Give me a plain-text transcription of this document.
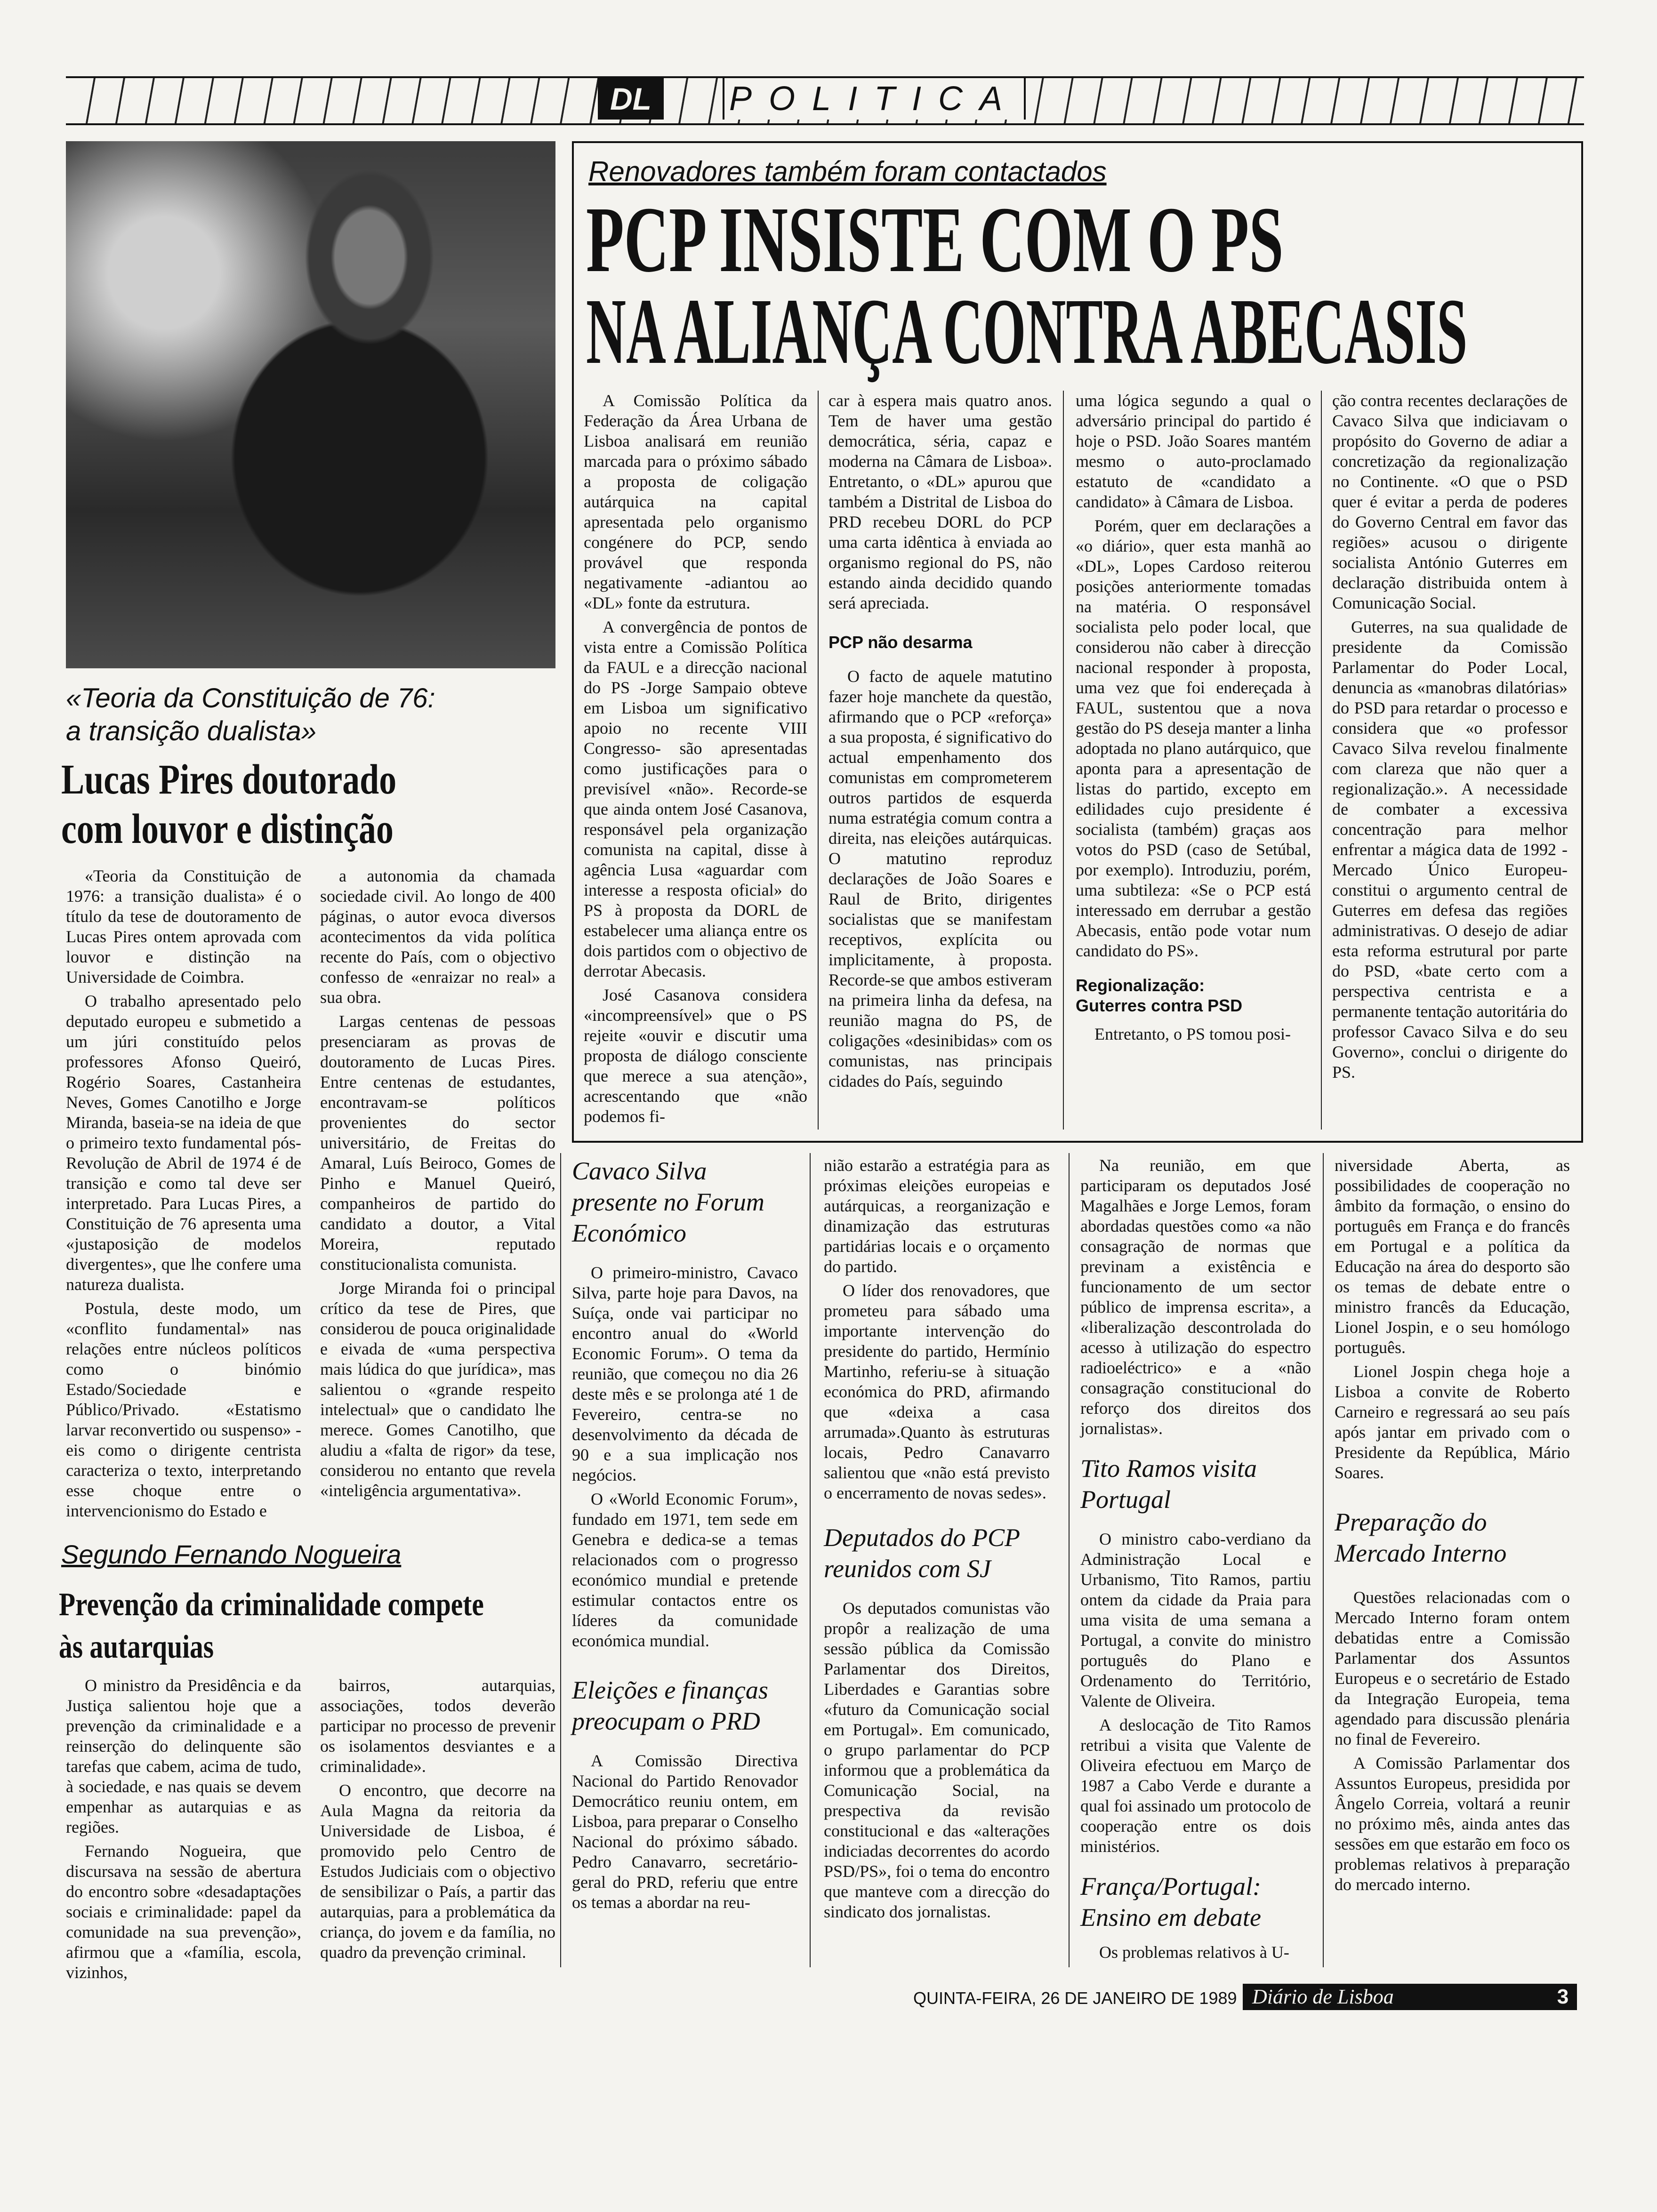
DL	POLITICA
«Teoria da Constituição de 76:
a transição dualista»
Lucas Pires doutorado
com louvor e distinção

«Teoria da Constituição de 1976: a transição dualista» é o título da tese de doutoramento de Lucas Pires ontem aprovada com louvor e distinção na Universidade de Coimbra.

O trabalho apresentado pelo deputado europeu e submetido a um júri constituído pelos professores Afonso Queiró, Rogério Soares, Castanheira Neves, Gomes Canotilho e Jorge Miranda, baseia-se na ideia de que o primeiro texto fundamental pós-Revolução de Abril de 1974 é de transição e como tal deve ser interpretado. Para Lucas Pires, a Constituição de 76 apresenta uma «justaposição de modelos divergentes», que lhe confere uma natureza dualista.

Postula, deste modo, um «conflito fundamental» nas relações entre núcleos políticos como o binómio Estado/Sociedade e Público/Privado. «Estatismo larvar reconvertido ou suspenso» -eis como o dirigente centrista caracteriza o texto, interpretando esse choque entre o intervencionismo do Estado e

a autonomia da chamada sociedade civil. Ao longo de 400 páginas, o autor evoca diversos acontecimentos da vida política recente do País, com o objectivo confesso de «enraizar no real» a sua obra.

Largas centenas de pessoas presenciaram as provas de doutoramento de Lucas Pires. Entre centenas de estudantes, encontravam-se políticos provenientes do sector universitário, de Freitas do Amaral, Luís Beiroco, Gomes de Pinho e Manuel Queiró, companheiros de partido do candidato a doutor, a Vital Moreira, reputado constitucionalista comunista.

Jorge Miranda foi o principal crítico da tese de Pires, que considerou de pouca originalidade e eivada de «uma perspectiva mais lúdica do que jurídica», mas salientou o «grande respeito intelectual» que o candidato lhe merece. Gomes Canotilho, que aludiu a «falta de rigor» da tese, considerou no entanto que revela «inteligência argumentativa».

Segundo Fernando Nogueira
Prevenção da criminalidade compete
às autarquias

O ministro da Presidência e da Justiça salientou hoje que a prevenção da criminalidade e a reinserção do delinquente são tarefas que cabem, acima de tudo, à sociedade, e nas quais se devem empenhar as autarquias e as regiões.

Fernando Nogueira, que discursava na sessão de abertura do encontro sobre «desadaptações sociais e criminalidade: papel da comunidade na sua prevenção», afirmou que a «família, escola, vizinhos,

bairros, autarquias, associações, todos deverão participar no processo de prevenir os isolamentos desviantes e a criminalidade».

O encontro, que decorre na Aula Magna da reitoria da Universidade de Lisboa, é promovido pelo Centro de Estudos Judiciais com o objectivo de sensibilizar o País, a partir das autarquias, para a problemática da criança, do jovem e da família, no quadro da prevenção criminal.

Renovadores também foram contactados
PCP INSISTE COM O PS
NA ALIANÇA CONTRA ABECASIS

A Comissão Política da Federação da Área Urbana de Lisboa analisará em reunião marcada para o próximo sábado a proposta de coligação autárquica na capital apresentada pelo organismo congénere do PCP, sendo provável que responda negativamente -adiantou ao «DL» fonte da estrutura.

A convergência de pontos de vista entre a Comissão Política da FAUL e a direcção nacional do PS -Jorge Sampaio obteve em Lisboa um significativo apoio no recente VIII Congresso- são apresentadas como justificações para o previsível «não». Recorde-se que ainda ontem José Casanova, responsável pela organização comunista na capital, disse à agência Lusa «aguardar com interesse a resposta oficial» do PS à proposta da DORL de estabelecer uma aliança entre os dois partidos com o objectivo de derrotar Abecasis.

José Casanova considera «incompreensível» que o PS rejeite «ouvir e discutir uma proposta de diálogo consciente que merece a sua atenção», acrescentando que «não podemos fi-

car à espera mais quatro anos. Tem de haver uma gestão democrática, séria, capaz e moderna na Câmara de Lisboa». Entretanto, o «DL» apurou que também a Distrital de Lisboa do PRD recebeu DORL do PCP uma carta idêntica à enviada ao organismo regional do PS, não estando ainda decidido quando será apreciada.

PCP não desarma

O facto de aquele matutino fazer hoje manchete da questão, afirmando que o PCP «reforça» a sua proposta, é significativo do actual empenhamento dos comunistas em comprometerem outros partidos de esquerda numa estratégia comum contra a direita, nas eleições autárquicas. O matutino reproduz declarações de João Soares e Raul de Brito, dirigentes socialistas que se manifestam receptivos, explícita ou implicitamente, à proposta. Recorde-se que ambos estiveram na primeira linha da defesa, na reunião magna do PS, de coligações «desinibidas» com os comunistas, nas principais cidades do País, seguindo

uma lógica segundo a qual o adversário principal do partido é hoje o PSD. João Soares mantém mesmo o auto-proclamado estatuto de «candidato a candidato» à Câmara de Lisboa.

Porém, quer em declarações a «o diário», quer esta manhã ao «DL», Lopes Cardoso reiterou posições anteriormente tomadas na matéria. O responsável socialista pelo poder local, que considerou não caber à direcção nacional responder à proposta, uma vez que foi endereçada à FAUL, sustentou que a nova gestão do PS deseja manter a linha adoptada no plano autárquico, que aponta para a apresentação de listas do partido, excepto em edilidades cujo presidente é socialista (também) graças aos votos do PSD (caso de Setúbal, por exemplo). Introduziu, porém, uma subtileza: «Se o PCP está interessado em derrubar a gestão Abecasis, então pode votar num candidato do PS».

Regionalização:
Guterres contra PSD

Entretanto, o PS tomou posi-

ção contra recentes declarações de Cavaco Silva que indiciavam o propósito do Governo de adiar a concretização da regionalização no Continente. «O que o PSD quer é evitar a perda de poderes do Governo Central em favor das regiões» acusou o dirigente socialista António Guterres em declaração distribuida ontem à Comunicação Social.

Guterres, na sua qualidade de presidente da Comissão Parlamentar do Poder Local, denuncia as «manobras dilatórias» do PSD para retardar o processo e considera que «o professor Cavaco Silva revelou finalmente com clareza que não quer a regionalização.». A necessidade de combater a excessiva concentração para melhor enfrentar a mágica data de 1992 -Mercado Único Europeu- constitui o argumento central de Guterres em defesa das regiões administrativas. O desejo de adiar esta reforma estrutural por parte do PSD, «bate certo com a perspectiva centrista e a permanente tentação autoritária do professor Cavaco Silva e do seu Governo», conclui o dirigente do PS.

Cavaco Silva presente no Forum Económico

O primeiro-ministro, Cavaco Silva, parte hoje para Davos, na Suíça, onde vai participar no encontro anual do «World Economic Forum». O tema da reunião, que começou no dia 26 deste mês e se prolonga até 1 de Fevereiro, centra-se no desenvolvimento da década de 90 e a sua implicação nos negócios.

O «World Economic Forum», fundado em 1971, tem sede em Genebra e dedica-se a temas relacionados com o progresso económico mundial e pretende estimular contactos entre os líderes da comunidade económica mundial.

Eleições e finanças preocupam o PRD

A Comissão Directiva Nacional do Partido Renovador Democrático reuniu ontem, em Lisboa, para preparar o Conselho Nacional do próximo sábado. Pedro Canavarro, secretário-geral do PRD, referiu que entre os temas a abordar na reu-

nião estarão a estratégia para as próximas eleições europeias e autárquicas, a reorganização e dinamização das estruturas partidárias locais e o orçamento do partido.

O líder dos renovadores, que prometeu para sábado uma importante intervenção do presidente do partido, Hermínio Martinho, referiu-se à situação económica do PRD, afirmando que «deixa a casa arrumada».Quanto às estruturas locais, Pedro Canavarro salientou que «não está previsto o encerramento de novas sedes».

Deputados do PCP reunidos com SJ

Os deputados comunistas vão propôr a realização de uma sessão pública da Comissão Parlamentar dos Direitos, Liberdades e Garantias sobre «futuro da Comunicação social em Portugal». Em comunicado, o grupo parlamentar do PCP informou que a problemática da Comunicação Social, na prespectiva da revisão constitucional e das «alterações indiciadas decorrentes do acordo PSD/PS», foi o tema do encontro que manteve com a direcção do sindicato dos jornalistas.

Na reunião, em que participaram os deputados José Magalhães e Jorge Lemos, foram abordadas questões como «a não consagração de normas que previnam a existência e funcionamento de um sector público de imprensa escrita», a «liberalização descontrolada do acesso à utilização do espectro radioeléctrico» e a «não consagração constitucional do reforço dos direitos dos jornalistas».

Tito Ramos visita Portugal

O ministro cabo-verdiano da Administração Local e Urbanismo, Tito Ramos, partiu ontem da cidade da Praia para uma visita de uma semana a Portugal, a convite do ministro português do Plano e Ordenamento do Território, Valente de Oliveira.

A deslocação de Tito Ramos retribui a visita que Valente de Oliveira efectuou em Março de 1987 a Cabo Verde e durante a qual foi assinado um protocolo de cooperação entre os dois ministérios.

França/Portugal: Ensino em debate

Os problemas relativos à U-

niversidade Aberta, as possibilidades de cooperação no âmbito da formação, o ensino do português em França e do francês em Portugal e a política da Educação na área do desporto são os temas de debate entre o ministro francês da Educação, Lionel Jospin, e o seu homólogo português.

Lionel Jospin chega hoje a Lisboa a convite de Roberto Carneiro e regressará ao seu país após jantar em privado com o Presidente da República, Mário Soares.

Preparação do Mercado Interno

Questões relacionadas com o Mercado Interno foram ontem debatidas entre a Comissão Parlamentar dos Assuntos Europeus e o secretário de Estado da Integração Europeia, tema agendado para discussão plenária no final de Fevereiro.

A Comissão Parlamentar dos Assuntos Europeus, presidida por Ângelo Correia, voltará a reunir no próximo mês, ainda antes das sessões em que estarão em foco os problemas relativos à preparação do mercado interno.

QUINTA-FEIRA, 26 DE JANEIRO DE 1989 Diário de Lisboa	3
